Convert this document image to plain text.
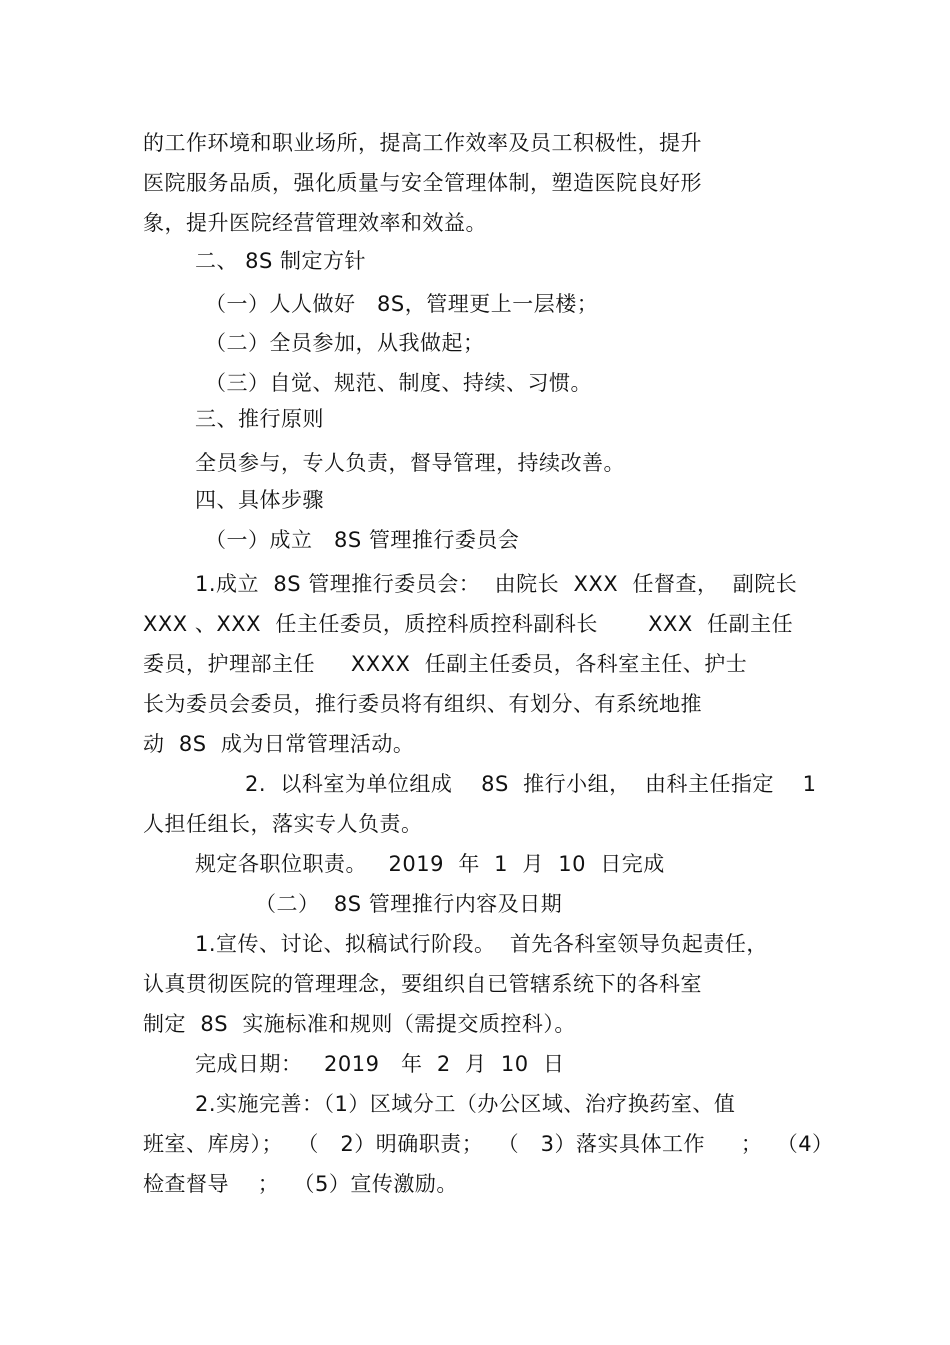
的工作环境和职业场所，提高工作效率及员工积极性，提升
医院服务品质，强化质量与安全管理体制，塑造医院良好形
象，提升医院经营管理效率和效益。
二、 8S 制定方针
（一）人人做好   8S，管理更上一层楼；
（二）全员参加，从我做起；
（三）自觉、规范、制度、持续、习惯。
三、推行原则
全员参与，专人负责，督导管理，持续改善。
四、具体步骤
（一）成立   8S 管理推行委员会
1.成立  8S 管理推行委员会：  由院长  XXX  任督查，  副院长
XXX 、XXX  任主任委员，质控科质控科副科长       XXX  任副主任
委员，护理部主任     XXXX  任副主任委员，各科室主任、护士
长为委员会委员，推行委员将有组织、有划分、有系统地推
动  8S  成为日常管理活动。
2.  以科室为单位组成    8S  推行小组，  由科主任指定    1
人担任组长，落实专人负责。
规定各职位职责。   2019  年  1  月  10  日完成
（二）  8S 管理推行内容及日期
1.宣传、讨论、拟稿试行阶段。  首先各科室领导负起责任，
认真贯彻医院的管理理念，要组织自已管辖系统下的各科室
制定  8S  实施标准和规则（需提交质控科）。
完成日期：   2019   年  2  月  10  日
2.实施完善：（1）区域分工（办公区域、治疗换药室、值
班室、库房）；  （   2）明确职责；  （   3）落实具体工作     ；  （4）
检查督导    ；  （5）宣传激励。
